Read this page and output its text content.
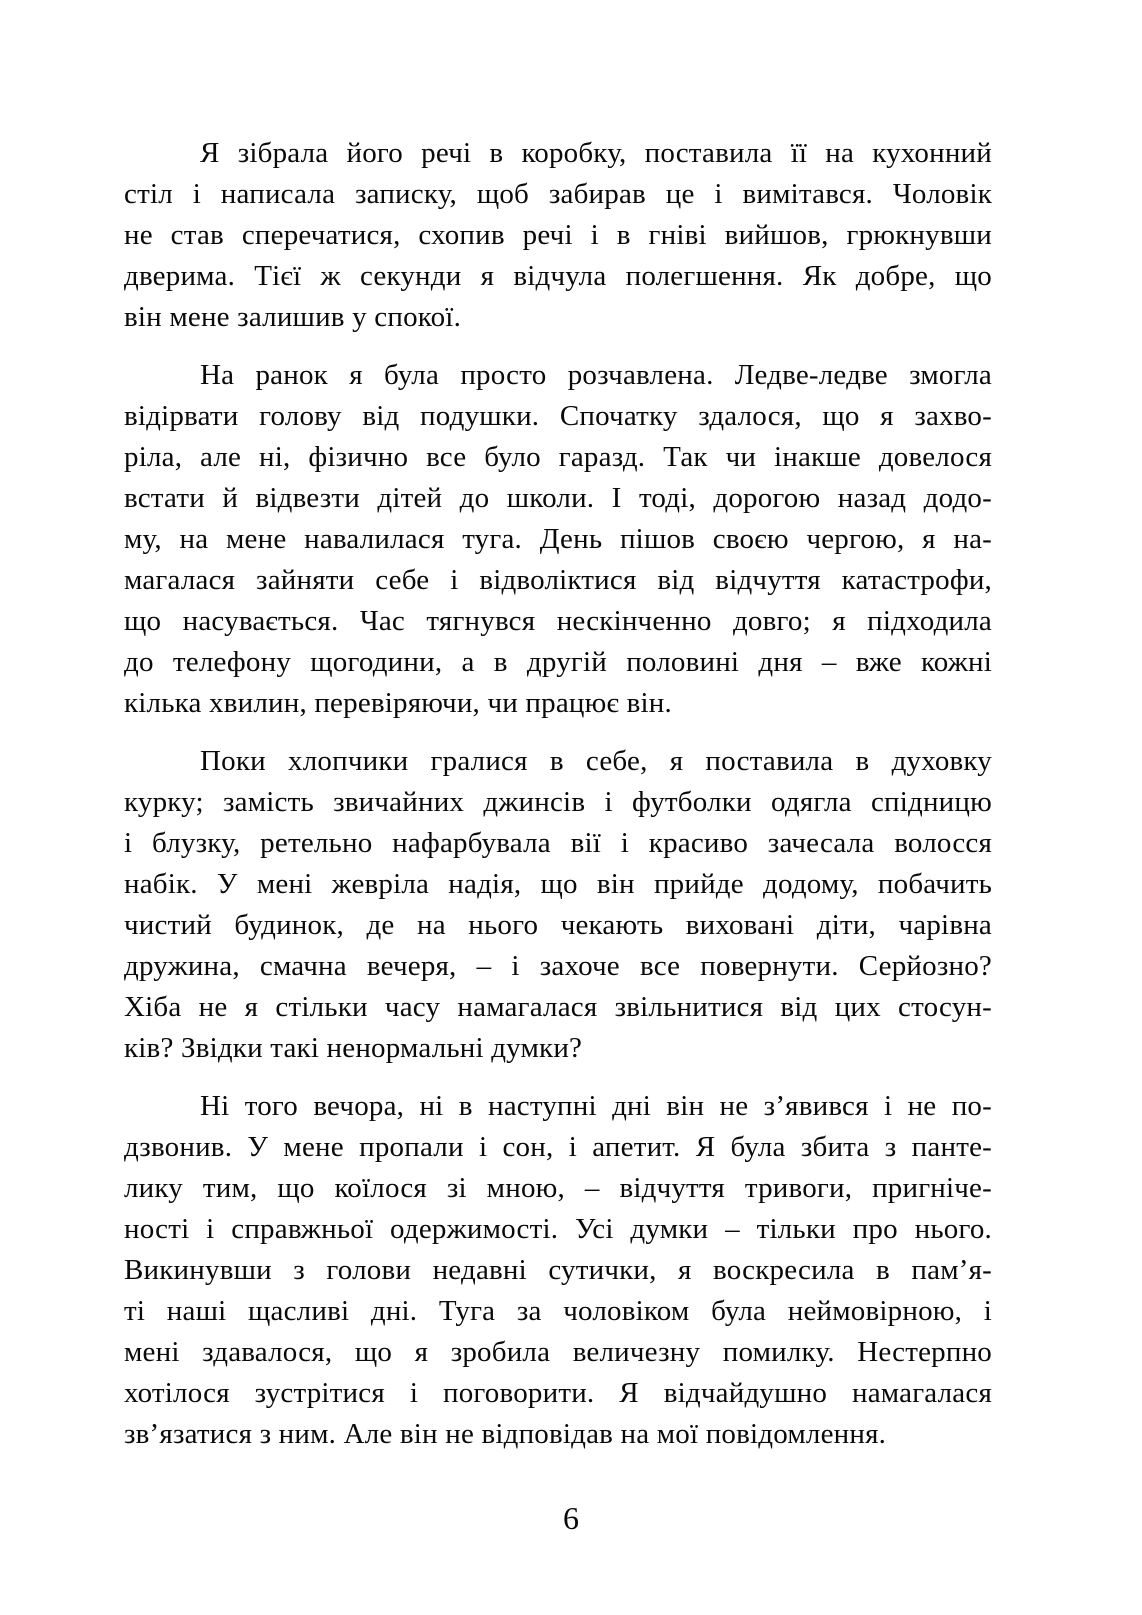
Я зібрала його речі в коробку, поставила її на кухонний
стіл і написала записку, щоб забирав це і вимітався. Чоловік
не став сперечатися, схопив речі і в гніві вийшов, грюкнувши
дверима. Тієї ж секунди я відчула полегшення. Як добре, що
він мене залишив у спокої.
На ранок я була просто розчавлена. Ледве-ледве змогла
відірвати голову від подушки. Спочатку здалося, що я захво-
ріла, але ні, фізично все було гаразд. Так чи інакше довелося
встати й відвезти дітей до школи. І тоді, дорогою назад додо-
му, на мене навалилася туга. День пішов своєю чергою, я на-
магалася зайняти себе і відволіктися від відчуття катастрофи,
що насувається. Час тягнувся нескінченно довго; я підходила
до телефону щогодини, а в другій половині дня – вже кожні
кілька хвилин, перевіряючи, чи працює він.
Поки хлопчики гралися в себе, я поставила в духовку
курку; замість звичайних джинсів і футболки одягла спідницю
і блузку, ретельно нафарбувала вії і красиво зачесала волосся
набік. У мені жевріла надія, що він прийде додому, побачить
чистий будинок, де на нього чекають виховані діти, чарівна
дружина, смачна вечеря, – і захоче все повернути. Серйозно?
Хіба не я стільки часу намагалася звільнитися від цих стосун-
ків? Звідки такі ненормальні думки?
Ні того вечора, ні в наступні дні він не з’явився і не по-
дзвонив. У мене пропали і сон, і апетит. Я була збита з панте-
лику тим, що коїлося зі мною, – відчуття тривоги, пригніче-
ності і справжньої одержимості. Усі думки – тільки про нього.
Викинувши з голови недавні сутички, я воскресила в пам’я-
ті наші щасливі дні. Туга за чоловіком була неймовірною, і
мені здавалося, що я зробила величезну помилку. Нестерпно
хотілося зустрітися і поговорити. Я відчайдушно намагалася
зв’язатися з ним. Але він не відповідав на мої повідомлення.
6
